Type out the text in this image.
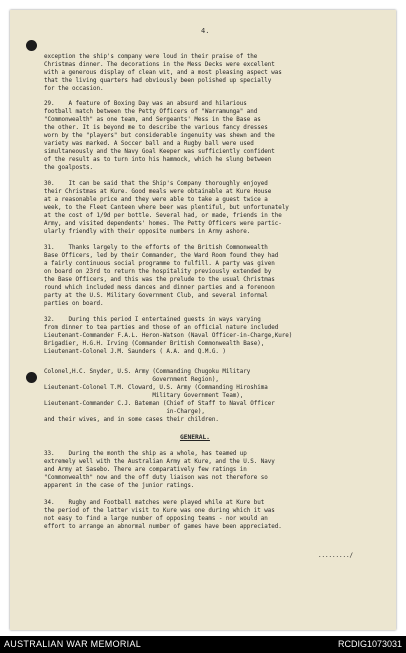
4.
exception the ship's company were loud in their praise of the
Christmas dinner. The decorations in the Mess Decks were excellent
with a generous display of clean wit, and a most pleasing aspect was
that the living quarters had obviously been polished up specially
for the occasion.
29.    A feature of Boxing Day was an absurd and hilarious
football match between the Petty Officers of "Warramunga" and
"Commonwealth" as one team, and Sergeants' Mess in the Base as
the other. It is beyond me to describe the various fancy dresses
worn by the "players" but considerable ingenuity was shewn and the
variety was marked. A Soccer ball and a Rugby ball were used
simultaneously and the Navy Goal Keeper was sufficiently confident
of the result as to turn into his hammock, which he slung between
the goalposts.
30.    It can be said that the Ship's Company thoroughly enjoyed
their Christmas at Kure. Good meals were obtainable at Kure House
at a reasonable price and they were able to take a guest twice a
week, to the Fleet Canteen where beer was plentiful, but unfortunately
at the cost of 1/9d per bottle. Several had, or made, friends in the
Army, and visited dependents' homes. The Petty Officers were partic-
ularly friendly with their opposite numbers in Army ashore.
31.    Thanks largely to the efforts of the British Commonwealth
Base Officers, led by their Commander, the Ward Room found they had
a fairly continuous social programme to fulfill. A party was given
on board on 23rd to return the hospitality previously extended by
the Base Officers, and this was the prelude to the usual Christmas
round which included mess dances and dinner parties and a forenoon
party at the U.S. Military Government Club, and several informal
parties on board.
32.    During this period I entertained guests in ways varying
from dinner to tea parties and those of an official nature included
Lieutenant-Commander F.A.L. Heron-Watson (Naval Officer-in-Charge,Kure)
Brigadier, H.G.H. Irving (Commander British Commonwealth Base),
Lieutenant-Colonel J.M. Saunders ( A.A. and Q.M.G. )
Colonel,H.C. Snyder, U.S. Army (Commanding Chugoku Military
Government Region),
Lieutenant-Colonel T.M. Cloward, U.S. Army (Commanding Hiroshima
Military Government Team),
Lieutenant-Commander C.J. Bateman (Chief of Staff to Naval Officer
in-Charge),
and their wives, and in some cases their children.
GENERAL.
33.    During the month the ship as a whole, has teamed up
extremely well with the Australian Army at Kure, and the U.S. Navy
and Army at Sasebo. There are comparatively few ratings in
"Commonwealth" now and the off duty liaison was not therefore so
apparent in the case of the junior ratings.
34.    Rugby and Football matches were played while at Kure but
the period of the latter visit to Kure was one during which it was
not easy to find a large number of opposing teams - nor would an
effort to arrange an abnormal number of games have been appreciated.
........./
AUSTRALIAN WAR MEMORIAL	RCDIG1073031
